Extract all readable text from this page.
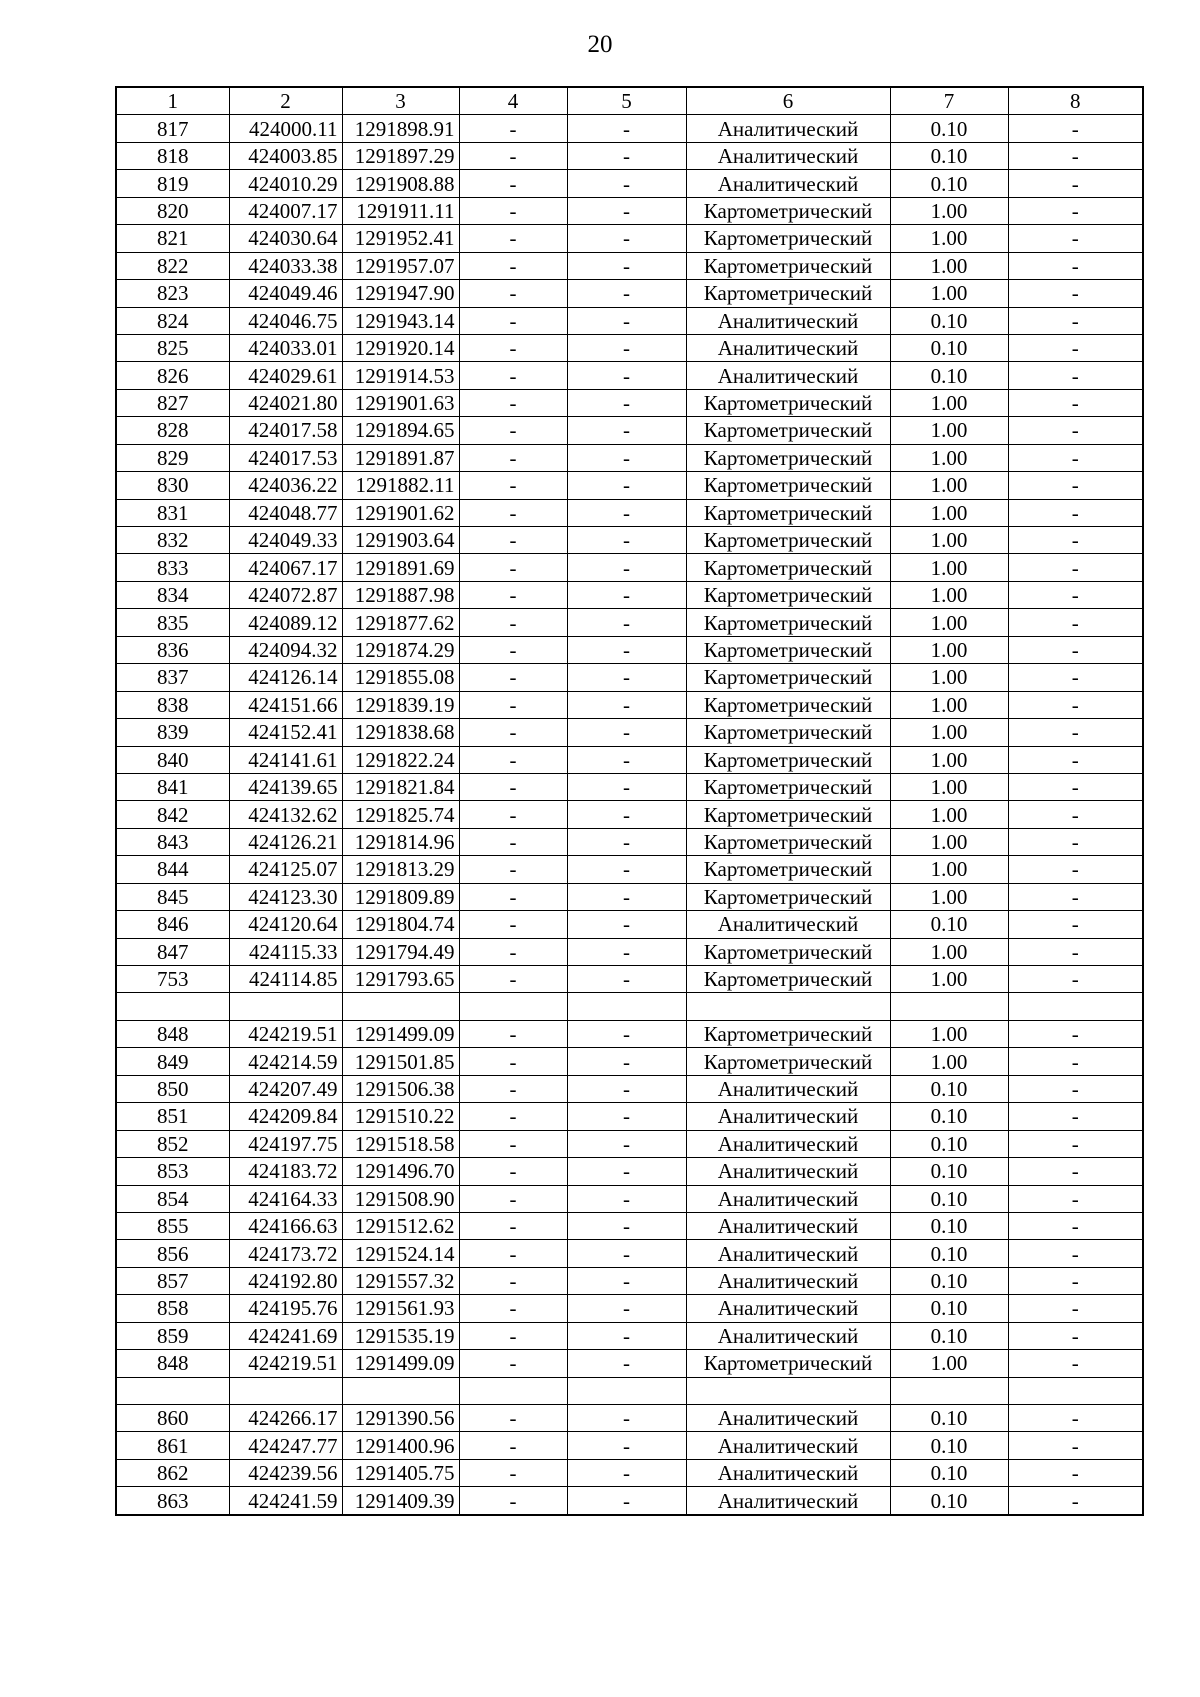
20
1	2	3	4	5	6	7	8
817	424000.11	1291898.91	-	-	Аналитический	0.10	-
818	424003.85	1291897.29	-	-	Аналитический	0.10	-
819	424010.29	1291908.88	-	-	Аналитический	0.10	-
820	424007.17	1291911.11	-	-	Картометрический	1.00	-
821	424030.64	1291952.41	-	-	Картометрический	1.00	-
822	424033.38	1291957.07	-	-	Картометрический	1.00	-
823	424049.46	1291947.90	-	-	Картометрический	1.00	-
824	424046.75	1291943.14	-	-	Аналитический	0.10	-
825	424033.01	1291920.14	-	-	Аналитический	0.10	-
826	424029.61	1291914.53	-	-	Аналитический	0.10	-
827	424021.80	1291901.63	-	-	Картометрический	1.00	-
828	424017.58	1291894.65	-	-	Картометрический	1.00	-
829	424017.53	1291891.87	-	-	Картометрический	1.00	-
830	424036.22	1291882.11	-	-	Картометрический	1.00	-
831	424048.77	1291901.62	-	-	Картометрический	1.00	-
832	424049.33	1291903.64	-	-	Картометрический	1.00	-
833	424067.17	1291891.69	-	-	Картометрический	1.00	-
834	424072.87	1291887.98	-	-	Картометрический	1.00	-
835	424089.12	1291877.62	-	-	Картометрический	1.00	-
836	424094.32	1291874.29	-	-	Картометрический	1.00	-
837	424126.14	1291855.08	-	-	Картометрический	1.00	-
838	424151.66	1291839.19	-	-	Картометрический	1.00	-
839	424152.41	1291838.68	-	-	Картометрический	1.00	-
840	424141.61	1291822.24	-	-	Картометрический	1.00	-
841	424139.65	1291821.84	-	-	Картометрический	1.00	-
842	424132.62	1291825.74	-	-	Картометрический	1.00	-
843	424126.21	1291814.96	-	-	Картометрический	1.00	-
844	424125.07	1291813.29	-	-	Картометрический	1.00	-
845	424123.30	1291809.89	-	-	Картометрический	1.00	-
846	424120.64	1291804.74	-	-	Аналитический	0.10	-
847	424115.33	1291794.49	-	-	Картометрический	1.00	-
753	424114.85	1291793.65	-	-	Картометрический	1.00	-

848	424219.51	1291499.09	-	-	Картометрический	1.00	-
849	424214.59	1291501.85	-	-	Картометрический	1.00	-
850	424207.49	1291506.38	-	-	Аналитический	0.10	-
851	424209.84	1291510.22	-	-	Аналитический	0.10	-
852	424197.75	1291518.58	-	-	Аналитический	0.10	-
853	424183.72	1291496.70	-	-	Аналитический	0.10	-
854	424164.33	1291508.90	-	-	Аналитический	0.10	-
855	424166.63	1291512.62	-	-	Аналитический	0.10	-
856	424173.72	1291524.14	-	-	Аналитический	0.10	-
857	424192.80	1291557.32	-	-	Аналитический	0.10	-
858	424195.76	1291561.93	-	-	Аналитический	0.10	-
859	424241.69	1291535.19	-	-	Аналитический	0.10	-
848	424219.51	1291499.09	-	-	Картометрический	1.00	-

860	424266.17	1291390.56	-	-	Аналитический	0.10	-
861	424247.77	1291400.96	-	-	Аналитический	0.10	-
862	424239.56	1291405.75	-	-	Аналитический	0.10	-
863	424241.59	1291409.39	-	-	Аналитический	0.10	-
